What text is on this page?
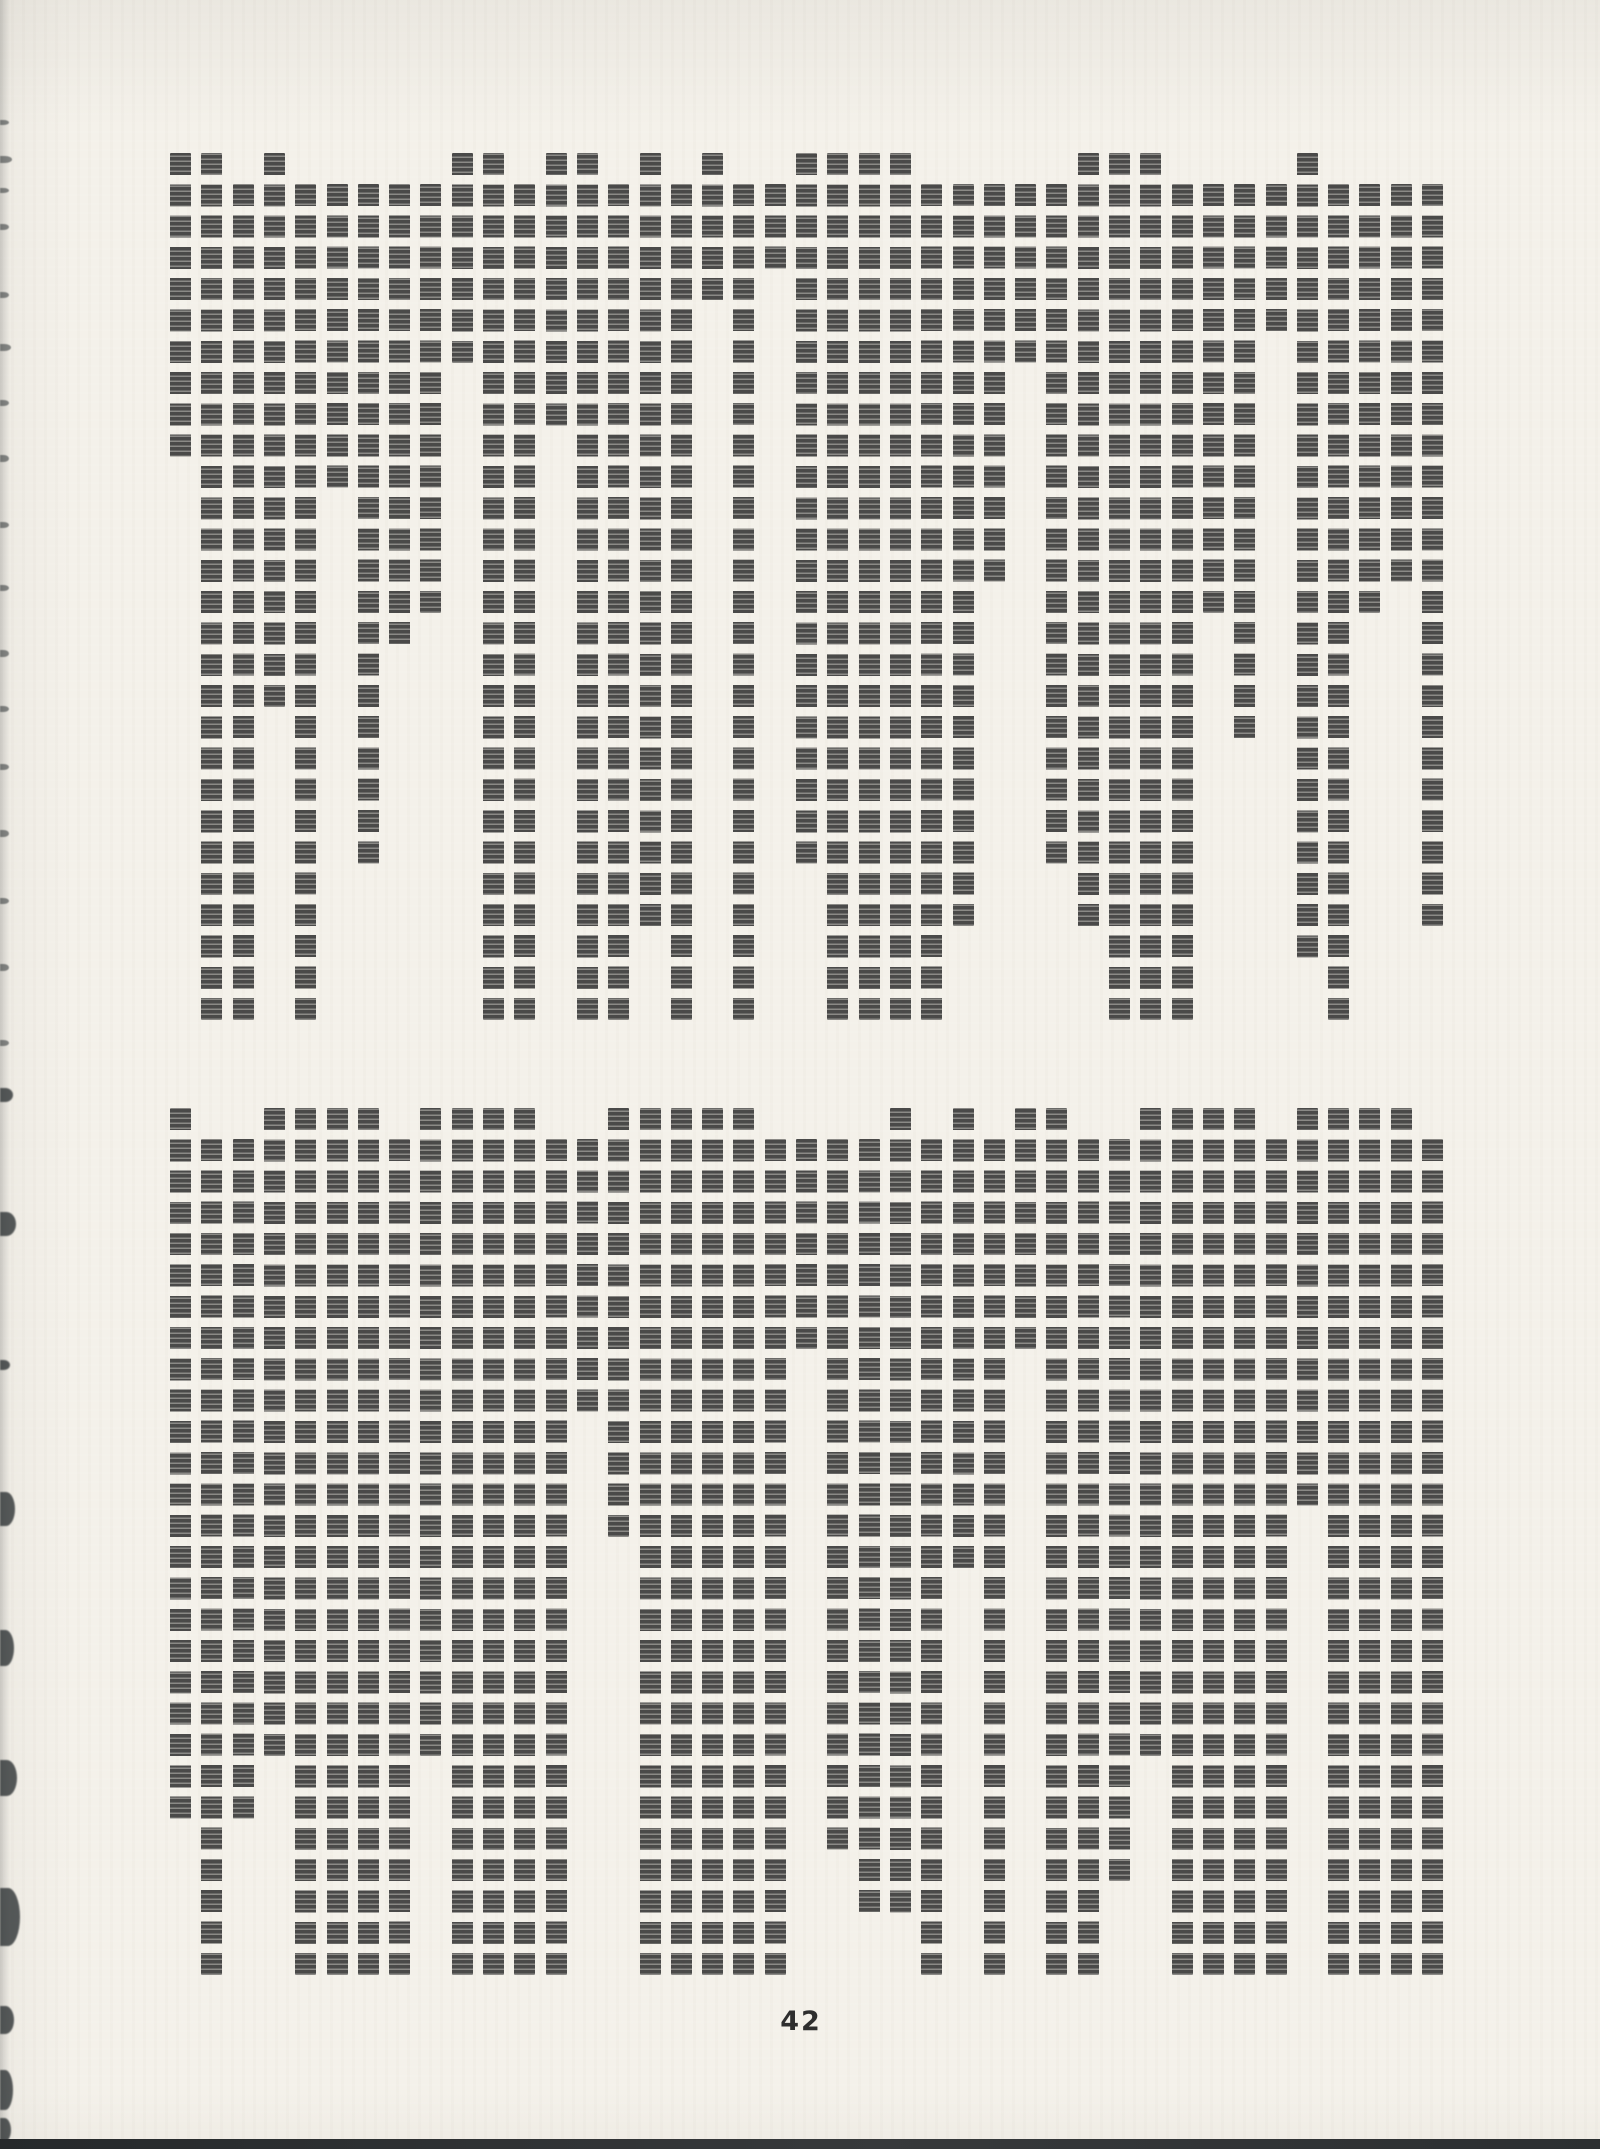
42
